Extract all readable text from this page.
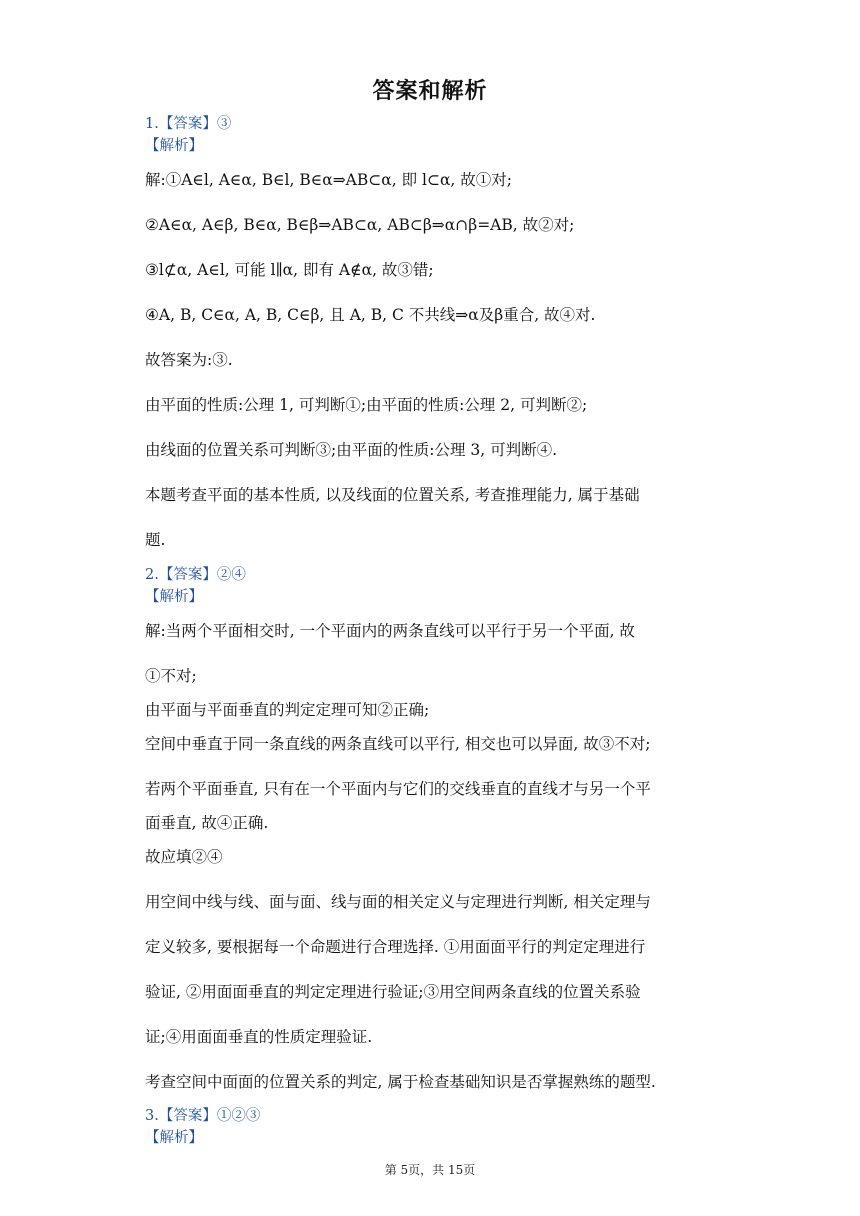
答案和解析
1.【答案】③
【解析】
解:①A∈l, A∈α, B∈l, B∈α⇒AB⊂α, 即 l⊂α, 故①对;
②A∈α, A∈β, B∈α, B∈β⇒AB⊂α, AB⊂β⇒α∩β=AB, 故②对;
③l⊄α, A∈l, 可能 l∥α, 即有 A∉α, 故③错;
④A, B, C∈α, A, B, C∈β, 且 A, B, C 不共线⇒α及β重合, 故④对.
故答案为:③.
由平面的性质:公理 1, 可判断①;由平面的性质:公理 2, 可判断②;
由线面的位置关系可判断③;由平面的性质:公理 3, 可判断④.
本题考查平面的基本性质, 以及线面的位置关系, 考查推理能力, 属于基础
题.
2.【答案】②④
【解析】
解:当两个平面相交时, 一个平面内的两条直线可以平行于另一个平面, 故
①不对;
由平面与平面垂直的判定定理可知②正确;
空间中垂直于同一条直线的两条直线可以平行, 相交也可以异面, 故③不对;
若两个平面垂直, 只有在一个平面内与它们的交线垂直的直线才与另一个平
面垂直, 故④正确.
故应填②④
用空间中线与线、面与面、线与面的相关定义与定理进行判断, 相关定理与
定义较多, 要根据每一个命题进行合理选择. ①用面面平行的判定定理进行
验证, ②用面面垂直的判定定理进行验证;③用空间两条直线的位置关系验
证;④用面面垂直的性质定理验证.
考查空间中面面的位置关系的判定, 属于检查基础知识是否掌握熟练的题型.
3.【答案】①②③
【解析】
第 5页，共 15页
